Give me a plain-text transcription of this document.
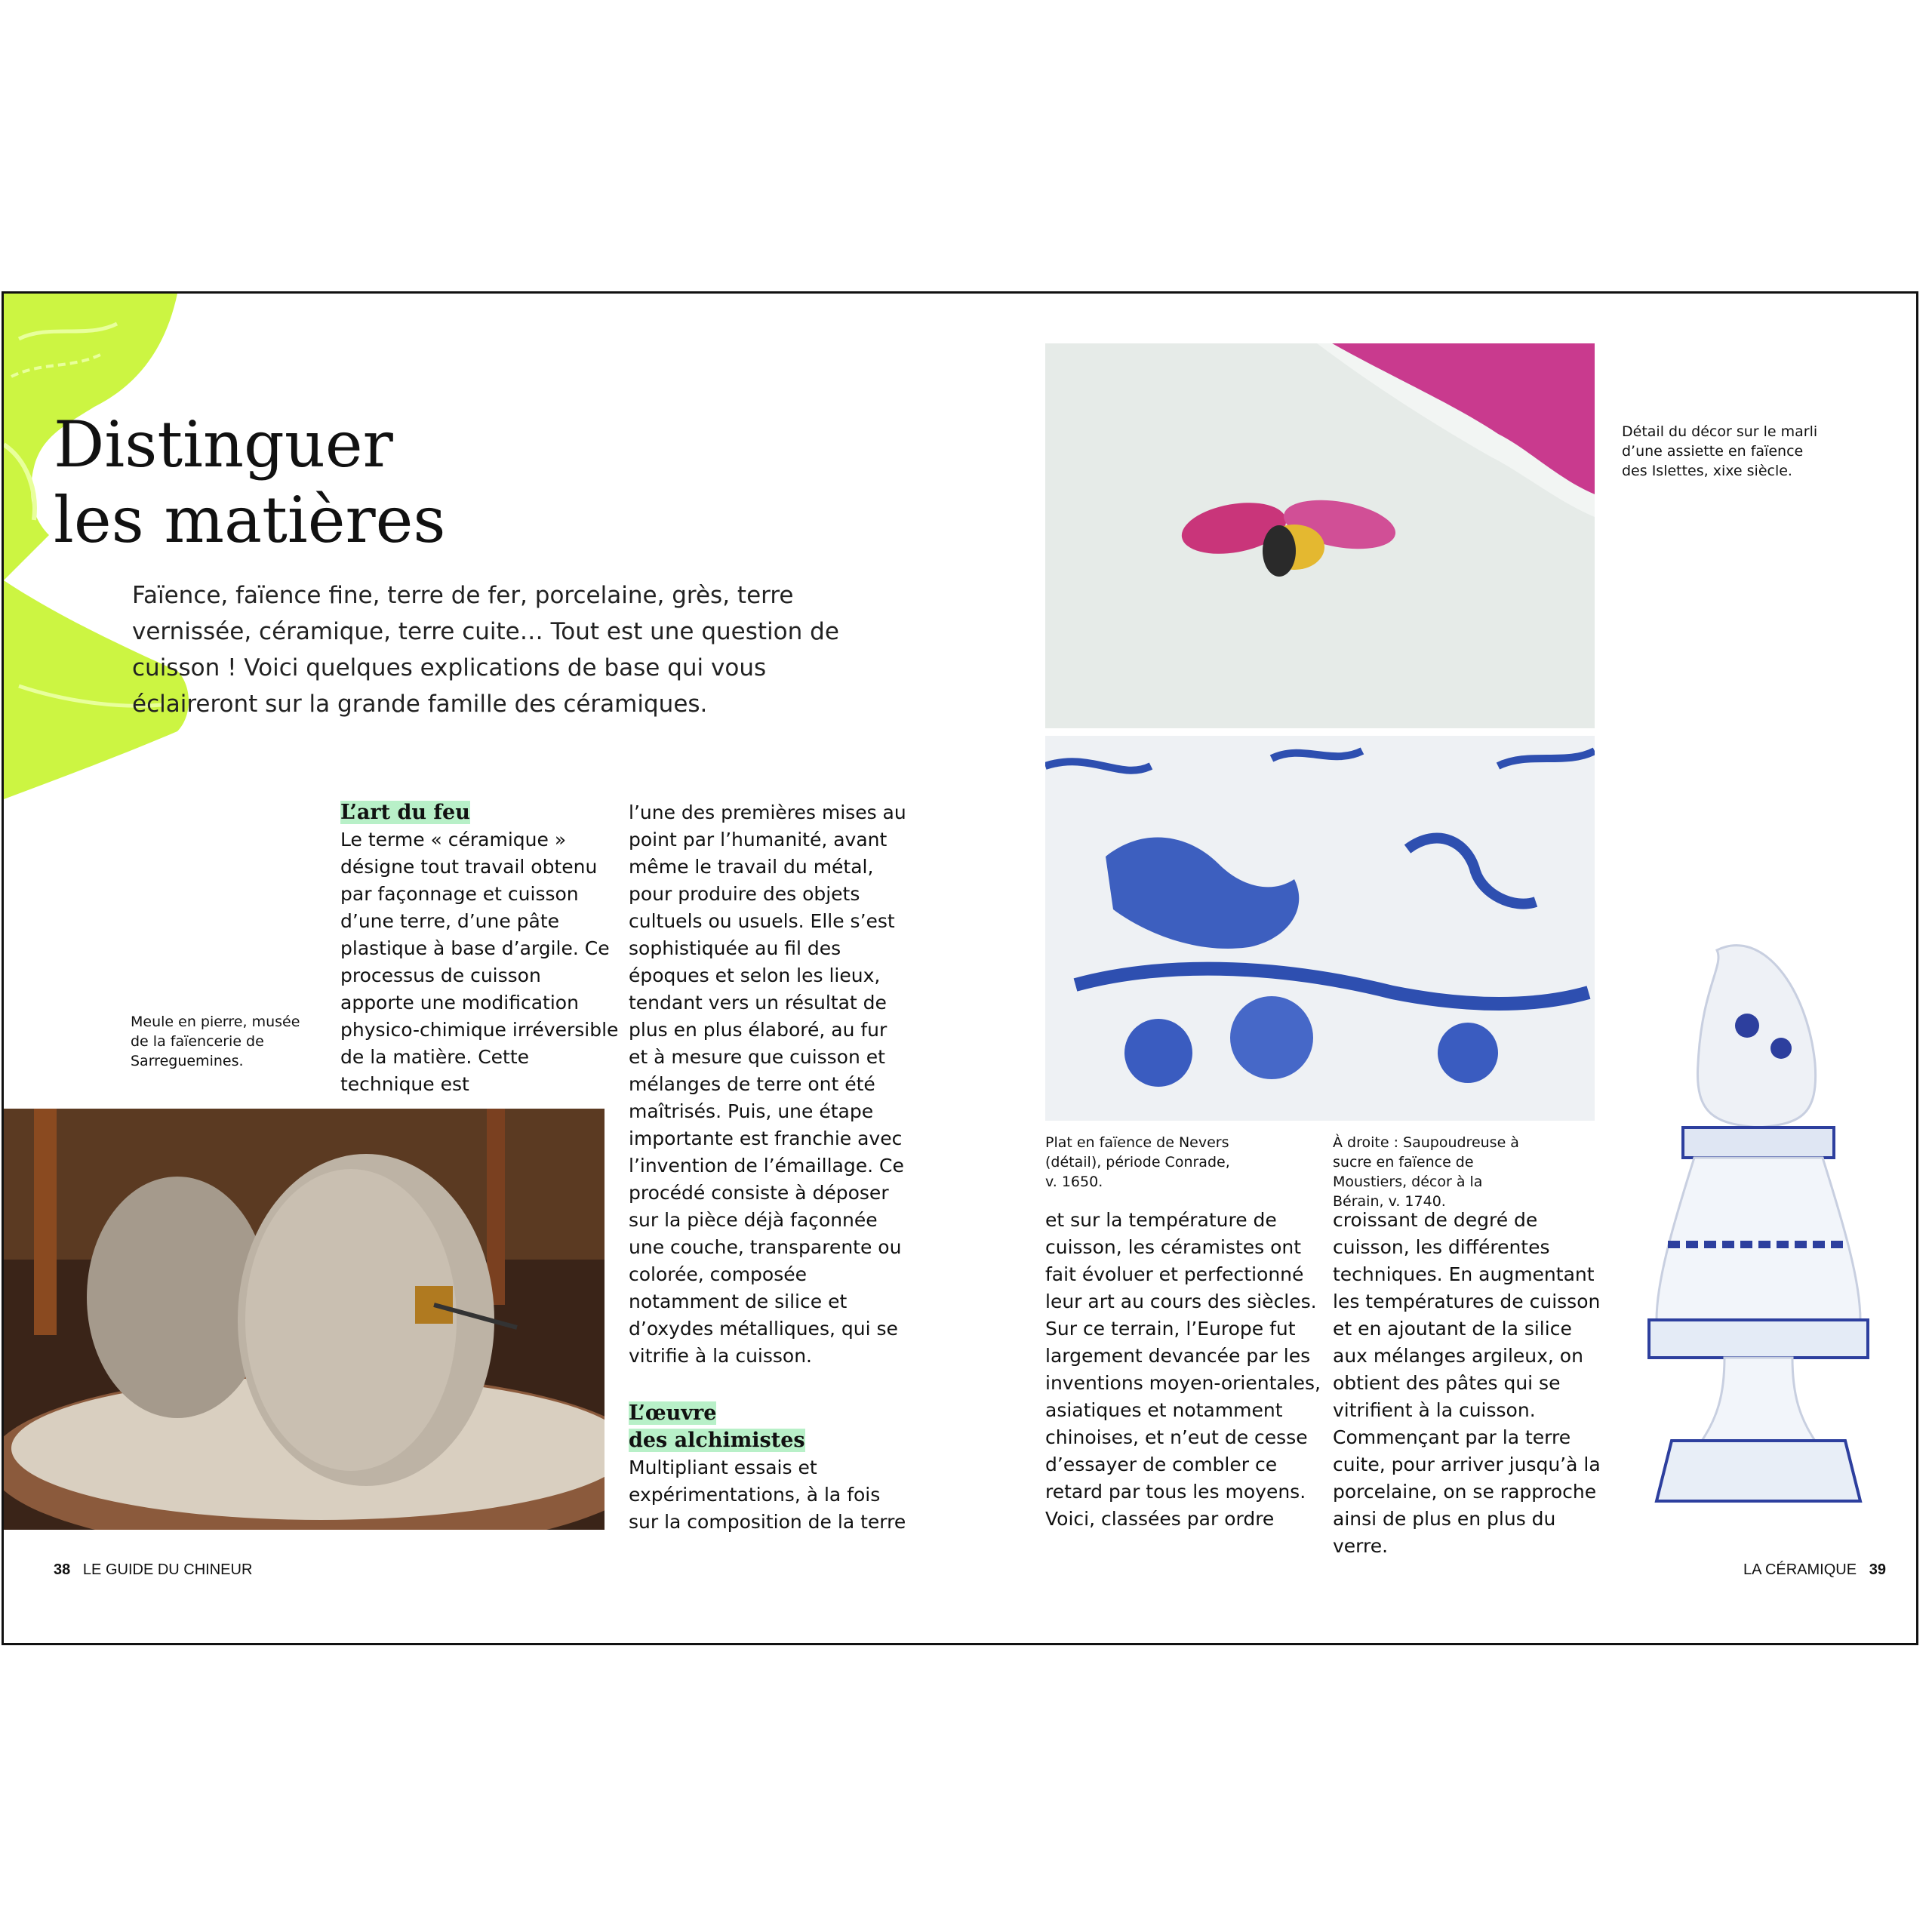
Distinguer
les matières

Faïence, faïence fine, terre de fer, porcelaine, grès, terre vernissée, céramique, terre cuite… Tout est une question de cuisson ! Voici quelques explications de base qui vous éclaireront sur la grande famille des céramiques.

L’art du feu

Le terme « céramique » désigne tout travail obtenu par façonnage et cuisson d’une terre, d’une pâte plastique à base d’argile. Ce processus de cuisson apporte une modification physico-chimique irréversible de la matière. Cette technique est

l’une des premières mises au point par l’humanité, avant même le travail du métal, pour produire des objets cultuels ou usuels. Elle s’est sophistiquée au fil des époques et selon les lieux, tendant vers un résultat de plus en plus élaboré, au fur et à mesure que cuisson et mélanges de terre ont été maîtrisés. Puis, une étape importante est franchie avec l’invention de l’émaillage. Ce procédé consiste à déposer sur la pièce déjà façonnée une couche, transparente ou colorée, composée notamment de silice et d’oxydes métalliques, qui se vitrifie à la cuisson.

L’œuvre
des alchimistes

Multipliant essais et expérimentations, à la fois sur la composition de la terre

et sur la température de cuisson, les céramistes ont fait évoluer et perfectionné leur art au cours des siècles. Sur ce terrain, l’Europe fut largement devancée par les inventions moyen-orientales, asiatiques et notamment chinoises, et n’eut de cesse d’essayer de combler ce retard par tous les moyens. Voici, classées par ordre

croissant de degré de cuisson, les différentes techniques. En augmentant les températures de cuisson et en ajoutant de la silice aux mélanges argileux, on obtient des pâtes qui se vitrifient à la cuisson. Commençant par la terre cuite, pour arriver jusqu’à la porcelaine, on se rapproche ainsi de plus en plus du verre.

Meule en pierre, musée de la faïencerie de Sarreguemines.
Détail du décor sur le marli d’une assiette en faïence des Islettes, xixe siècle.
Plat en faïence de Nevers (détail), période Conrade, v. 1650.
À droite : Saupoudreuse à sucre en faïence de Moustiers, décor à la Bérain, v. 1740.
38 LE GUIDE DU CHINEUR	LA CÉRAMIQUE 39
